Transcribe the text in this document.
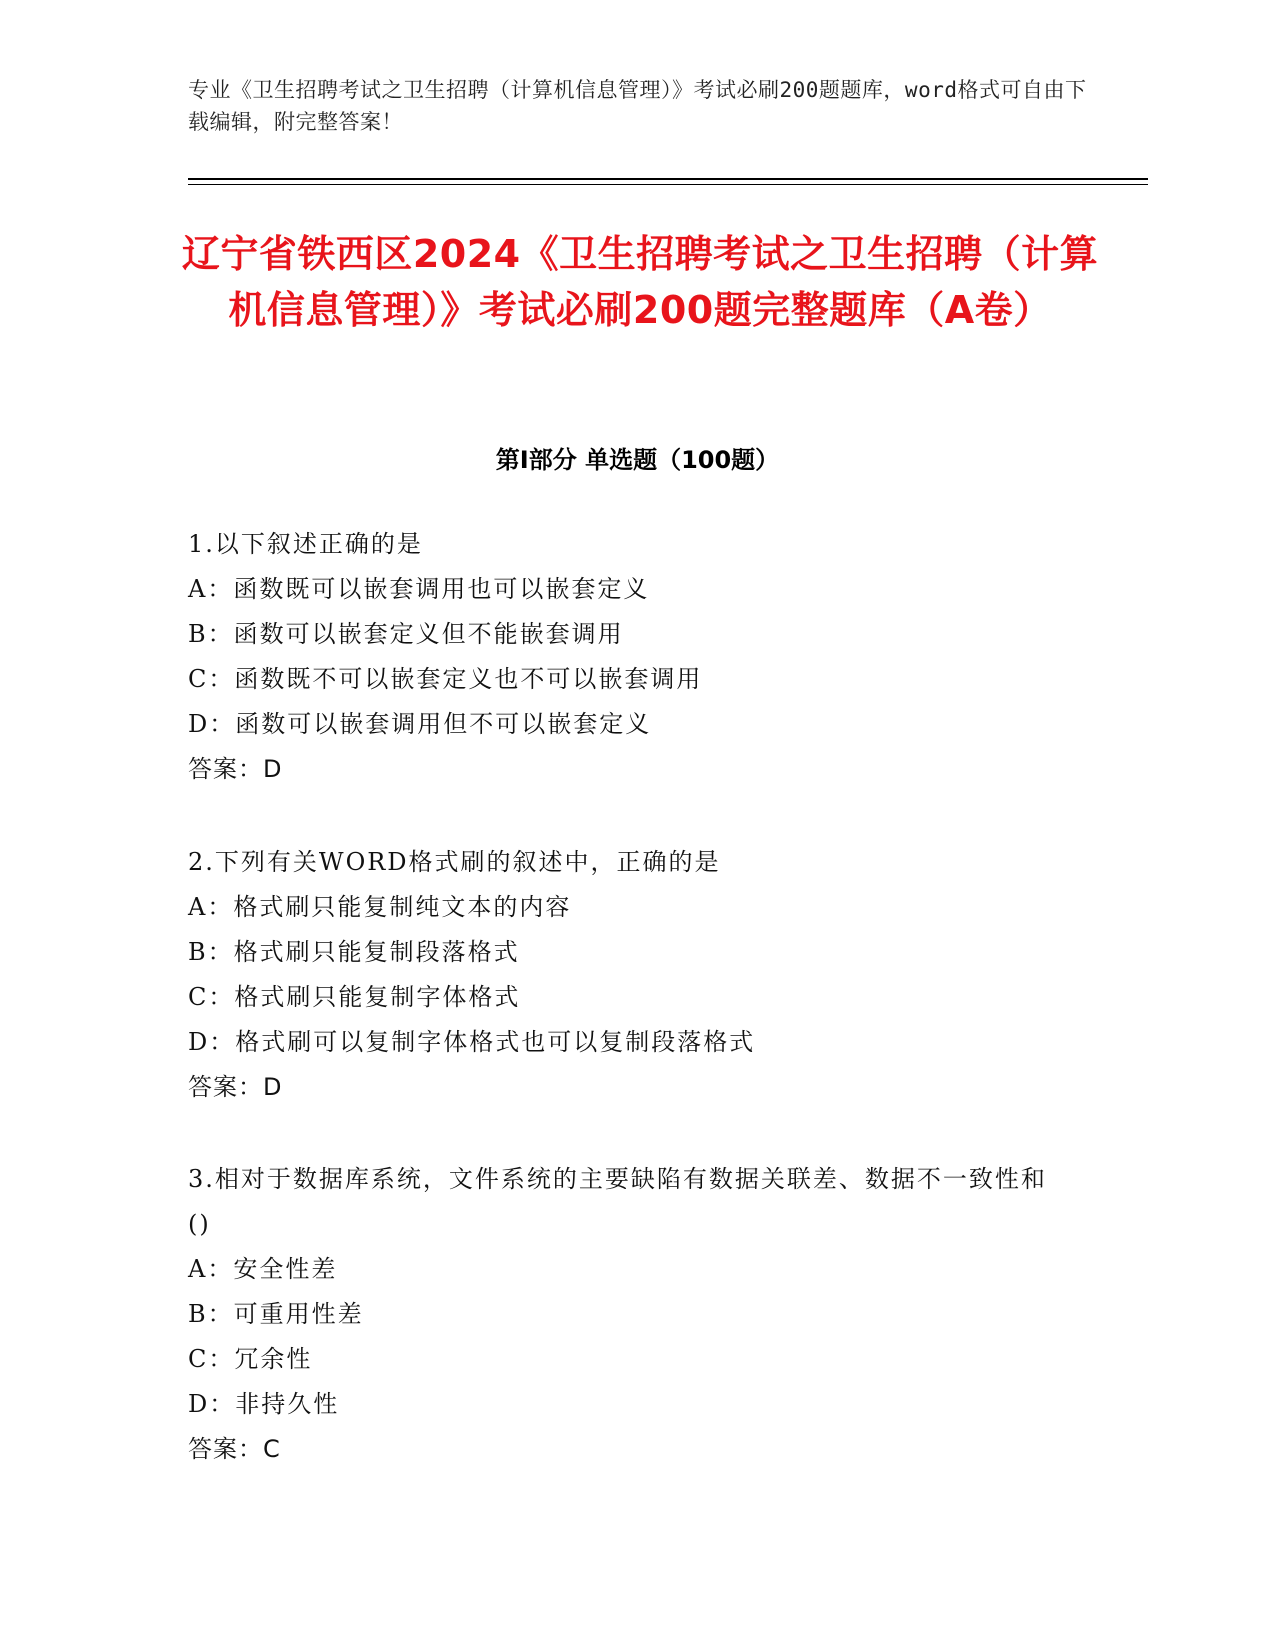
专业《卫生招聘考试之卫生招聘（计算机信息管理）》考试必刷200题题库，word格式可自由下载编辑，附完整答案！
辽宁省铁西区2024《卫生招聘考试之卫生招聘（计算机信息管理）》考试必刷200题完整题库（A卷）
第Ⅰ部分 单选题（100题）
1.以下叙述正确的是
A：函数既可以嵌套调用也可以嵌套定义
B：函数可以嵌套定义但不能嵌套调用
C：函数既不可以嵌套定义也不可以嵌套调用
D：函数可以嵌套调用但不可以嵌套定义
答案：D
2.下列有关WORD格式刷的叙述中，正确的是
A：格式刷只能复制纯文本的内容
B：格式刷只能复制段落格式
C：格式刷只能复制字体格式
D：格式刷可以复制字体格式也可以复制段落格式
答案：D
3.相对于数据库系统，文件系统的主要缺陷有数据关联差、数据不一致性和()
A：安全性差
B：可重用性差
C：冗余性
D：非持久性
答案：C
